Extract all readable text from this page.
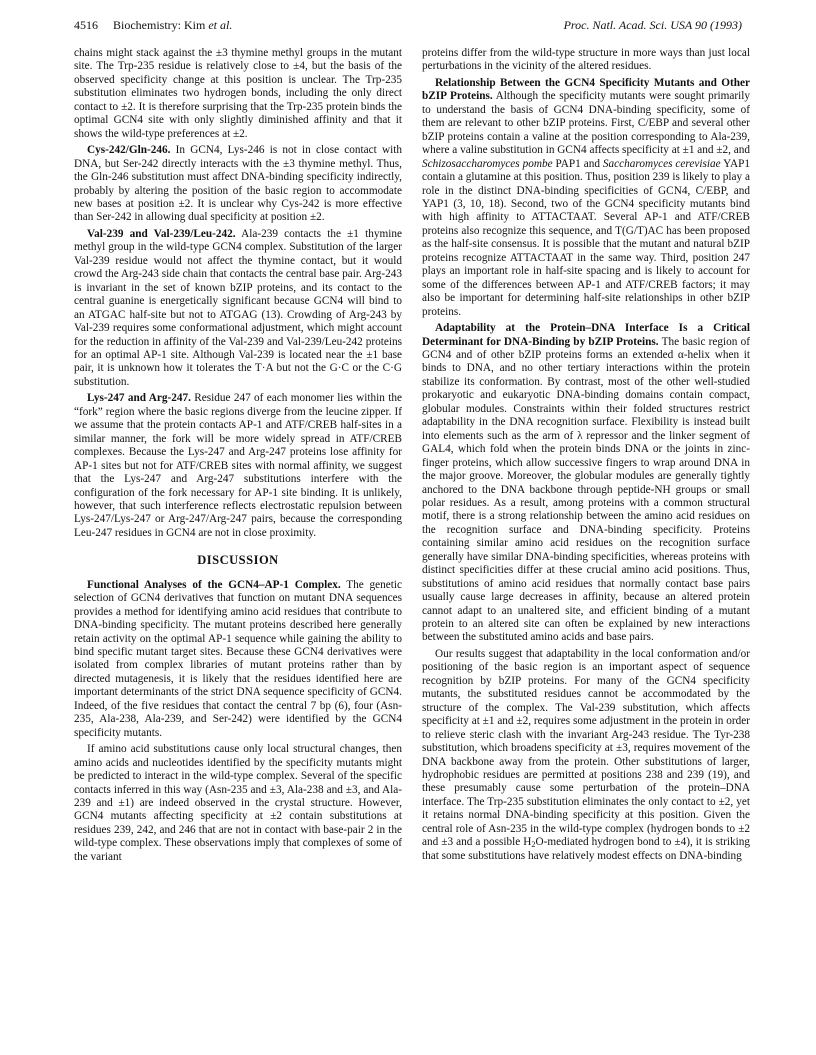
4516 Biochemistry: Kim et al.	Proc. Natl. Acad. Sci. USA 90 (1993)

chains might stack against the ±3 thymine methyl groups in the mutant site. The Trp-235 residue is relatively close to ±4, but the basis of the observed specificity change at this position is unclear. The Trp-235 substitution eliminates two hydrogen bonds, including the only direct contact to ±2. It is therefore surprising that the Trp-235 protein binds the optimal GCN4 site with only slightly diminished affinity and that it shows the wild-type preferences at ±2.

Cys-242/Gln-246. In GCN4, Lys-246 is not in close contact with DNA, but Ser-242 directly interacts with the ±3 thymine methyl. Thus, the Gln-246 substitution must affect DNA-binding specificity indirectly, probably by altering the position of the basic region to accommodate new bases at position ±2. It is unclear why Cys-242 is more effective than Ser-242 in allowing dual specificity at position ±2.

Val-239 and Val-239/Leu-242. Ala-239 contacts the ±1 thymine methyl group in the wild-type GCN4 complex. Substitution of the larger Val-239 residue would not affect the thymine contact, but it would crowd the Arg-243 side chain that contacts the central base pair. Arg-243 is invariant in the set of known bZIP proteins, and its contact to the central guanine is energetically significant because GCN4 will bind to an ATGAC half-site but not to ATGAG (13). Crowding of Arg-243 by Val-239 requires some conformational adjustment, which might account for the reduction in affinity of the Val-239 and Val-239/Leu-242 proteins for an optimal AP-1 site. Although Val-239 is located near the ±1 base pair, it is unknown how it tolerates the T·A but not the G·C or the C·G substitution.

Lys-247 and Arg-247. Residue 247 of each monomer lies within the “fork” region where the basic regions diverge from the leucine zipper. If we assume that the protein contacts AP-1 and ATF/CREB half-sites in a similar manner, the fork will be more widely spread in ATF/CREB complexes. Because the Lys-247 and Arg-247 proteins lose affinity for AP-1 sites but not for ATF/CREB sites with normal affinity, we suggest that the Lys-247 and Arg-247 substitutions interfere with the configuration of the fork necessary for AP-1 site binding. It is unlikely, however, that such interference reflects electrostatic repulsion between Lys-247/Lys-247 or Arg-247/Arg-247 pairs, because the corresponding Leu-247 residues in GCN4 are not in close proximity.

DISCUSSION

Functional Analyses of the GCN4–AP-1 Complex. The genetic selection of GCN4 derivatives that function on mutant DNA sequences provides a method for identifying amino acid residues that contribute to DNA-binding specificity. The mutant proteins described here generally retain activity on the optimal AP-1 sequence while gaining the ability to bind specific mutant target sites. Because these GCN4 derivatives were isolated from complex libraries of mutant proteins rather than by directed mutagenesis, it is likely that the residues identified here are important determinants of the strict DNA sequence specificity of GCN4. Indeed, of the five residues that contact the central 7 bp (6), four (Asn-235, Ala-238, Ala-239, and Ser-242) were identified by the GCN4 specificity mutants.

If amino acid substitutions cause only local structural changes, then amino acids and nucleotides identified by the specificity mutants might be predicted to interact in the wild-type complex. Several of the specific contacts inferred in this way (Asn-235 and ±3, Ala-238 and ±3, and Ala-239 and ±1) are indeed observed in the crystal structure. However, GCN4 mutants affecting specificity at ±2 contain substitutions at residues 239, 242, and 246 that are not in contact with base-pair 2 in the wild-type complex. These observations imply that complexes of some of the variant

proteins differ from the wild-type structure in more ways than just local perturbations in the vicinity of the altered residues.

Relationship Between the GCN4 Specificity Mutants and Other bZIP Proteins. Although the specificity mutants were sought primarily to understand the basis of GCN4 DNA-binding specificity, some of them are relevant to other bZIP proteins. First, C/EBP and several other bZIP proteins contain a valine at the position corresponding to Ala-239, where a valine substitution in GCN4 affects specificity at ±1 and ±2, and Schizosaccharomyces pombe PAP1 and Saccharomyces cerevisiae YAP1 contain a glutamine at this position. Thus, position 239 is likely to play a role in the distinct DNA-binding specificities of GCN4, C/EBP, and YAP1 (3, 10, 18). Second, two of the GCN4 specificity mutants bind with high affinity to ATTACTAAT. Several AP-1 and ATF/CREB proteins also recognize this sequence, and T(G/T)AC has been proposed as the half-site consensus. It is possible that the mutant and natural bZIP proteins recognize ATTACTAAT in the same way. Third, position 247 plays an important role in half-site spacing and is likely to account for some of the differences between AP-1 and ATF/CREB factors; it may also be important for determining half-site relationships in other bZIP proteins.

Adaptability at the Protein–DNA Interface Is a Critical Determinant for DNA-Binding by bZIP Proteins. The basic region of GCN4 and of other bZIP proteins forms an extended α-helix when it binds to DNA, and no other tertiary interactions within the protein stabilize its conformation. By contrast, most of the other well-studied prokaryotic and eukaryotic DNA-binding domains contain compact, globular modules. Constraints within their folded structures restrict adaptability in the DNA recognition surface. Flexibility is instead built into elements such as the arm of λ repressor and the linker segment of GAL4, which fold when the protein binds DNA or the joints in zinc-finger proteins, which allow successive fingers to wrap around DNA in the major groove. Moreover, the globular modules are generally tightly anchored to the DNA backbone through peptide-NH groups or small polar residues. As a result, among proteins with a common structural motif, there is a strong relationship between the amino acid residues on the recognition surface and DNA-binding specificity. Proteins containing similar amino acid residues on the recognition surface generally have similar DNA-binding specificities, whereas proteins with distinct specificities differ at these crucial amino acid positions. Thus, substitutions of amino acid residues that normally contact base pairs usually cause large decreases in affinity, because an altered protein cannot adapt to an unaltered site, and efficient binding of a mutant protein to an altered site can often be explained by new interactions between the substituted amino acids and base pairs.

Our results suggest that adaptability in the local conformation and/or positioning of the basic region is an important aspect of sequence recognition by bZIP proteins. For many of the GCN4 specificity mutants, the substituted residues cannot be accommodated by the structure of the complex. The Val-239 substitution, which affects specificity at ±1 and ±2, requires some adjustment in the protein in order to relieve steric clash with the invariant Arg-243 residue. The Tyr-238 substitution, which broadens specificity at ±3, requires movement of the DNA backbone away from the protein. Other substitutions of larger, hydrophobic residues are permitted at positions 238 and 239 (19), and these presumably cause some perturbation of the protein–DNA interface. The Trp-235 substitution eliminates the only contact to ±2, yet it retains normal DNA-binding specificity at this position. Given the central role of Asn-235 in the wild-type complex (hydrogen bonds to ±2 and ±3 and a possible $H_2O$-mediated hydrogen bond to ±4), it is striking that some substitutions have relatively modest effects on DNA-binding
